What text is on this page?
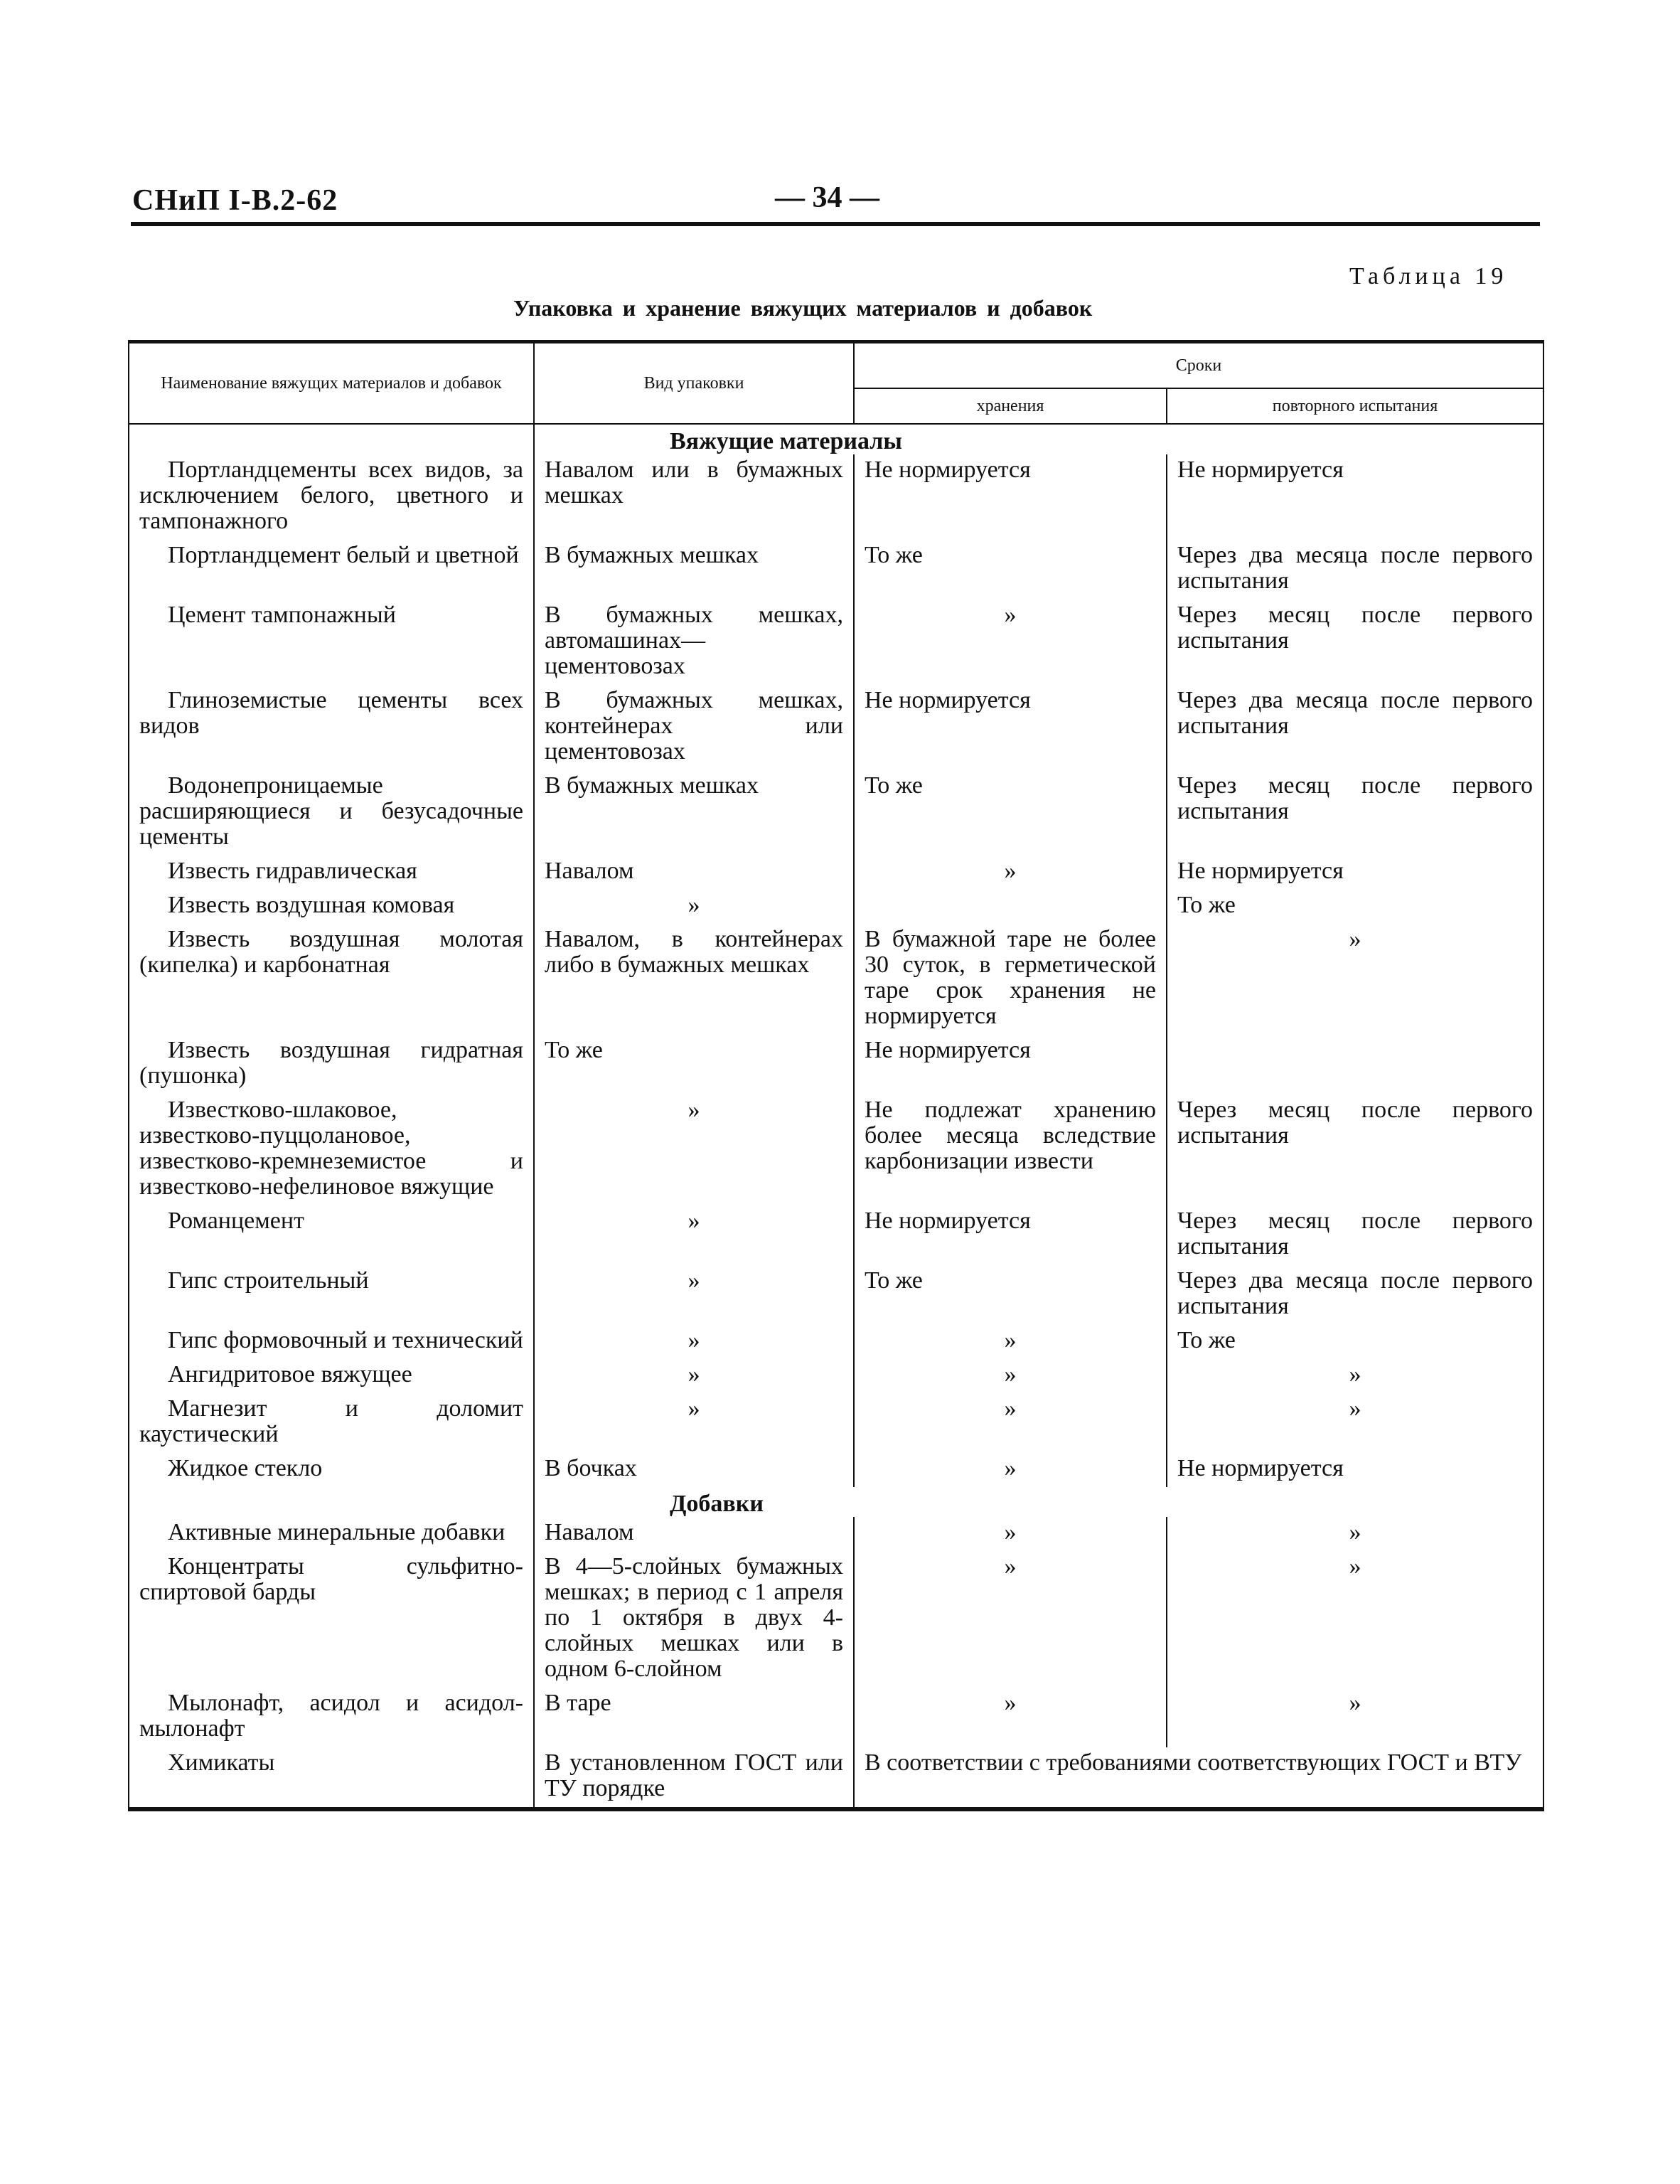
СНиП I-В.2-62	— 34 —
Таблица 19
Упаковка и хранение вяжущих материалов и добавок
Наименование вяжущих материалов и добавок	Вид упаковки	Сроки	
		хранения	повторного испытания
	Вяжущие материалы		
Портландцементы всех видов, за исключением белого, цветного и тампонажного	Навалом или в бумажных мешках	Не нормируется	Не нормируется
Портландцемент белый и цветной	В бумажных мешках	То же	Через два месяца после первого испытания
Цемент тампонажный	В бумажных мешках, автомашинах—цементовозах	»	Через месяц после первого испытания
Глиноземистые цементы всех видов	В бумажных мешках, контейнерах или цементовозах	Не нормируется	Через два месяца после первого испытания
Водонепроницаемые расширяющиеся и безусадочные цементы	В бумажных мешках	То же	Через месяц после первого испытания
Известь гидравлическая	Навалом	»	Не нормируется
Известь воздушная комовая	»		То же
Известь воздушная молотая (кипелка) и карбонатная	Навалом, в контейнерах либо в бумажных мешках	В бумажной таре не более 30 суток, в герметической таре срок хранения не нормируется	»
Известь воздушная гидратная (пушонка)	То же	Не нормируется	
Известково-шлаковое, известково-пуццолановое, известково-кремнеземистое и известково-нефелиновое вяжущие	»	Не подлежат хранению более месяца вследствие карбонизации извести	Через месяц после первого испытания
Романцемент	»	Не нормируется	Через месяц после первого испытания
Гипс строительный	»	То же	Через два месяца после первого испытания
Гипс формовочный и технический	»	»	То же
Ангидритовое вяжущее	»	»	»
Магнезит и доломит каустический	»	»	»
Жидкое стекло	В бочках	»	Не нормируется
	Добавки		
Активные минеральные добавки	Навалом	»	»
Концентраты сульфитно-спиртовой барды	В 4—5-слойных бумажных мешках; в период с 1 апреля по 1 октября в двух 4-слойных мешках или в одном 6-слойном	»	»
Мылонафт, асидол и асидол-мылонафт	В таре	»	»
Химикаты	В установленном ГОСТ или ТУ порядке	В соответствии с требованиями соответствующих ГОСТ и ВТУ	
